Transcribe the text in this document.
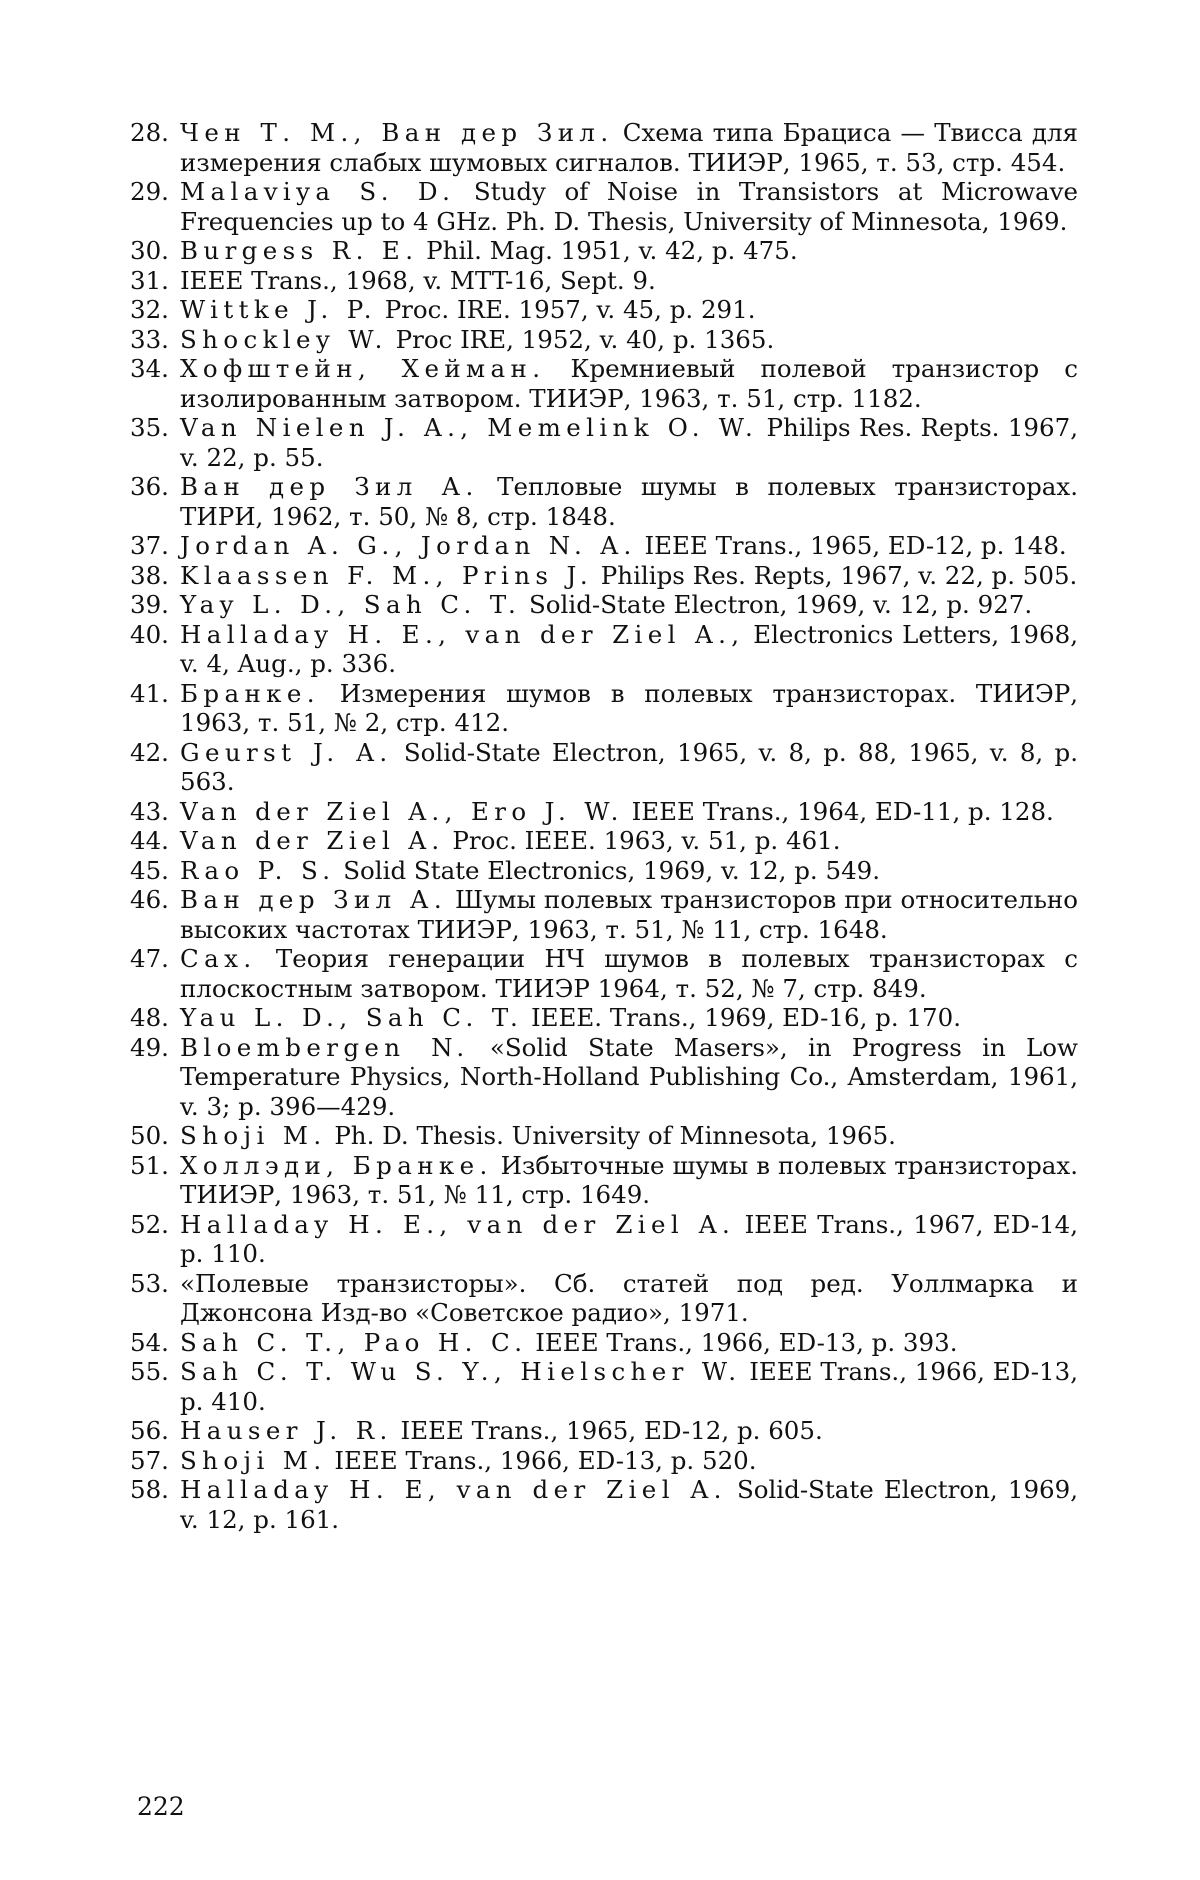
28. Чен Т. М., Ван дер Зил. Схема типа Брациса — Твисса для измерения слабых шумовых сигналов. ТИИЭР, 1965, т. 53, стр. 454.
29. Malaviya S. D. Study of Noise in Transistors at Microwave Frequencies up to 4 GHz. Ph. D. Thesis, University of Minnesota, 1969.
30. Burgess R. E. Phil. Mag. 1951, v. 42, p. 475.
31. IEEE Trans., 1968, v. MTT-16, Sept. 9.
32. Wittke J. P. Proc. IRE. 1957, v. 45, p. 291.
33. Shockley W. Proc IRE, 1952, v. 40, p. 1365.
34. Хофштейн, Хейман. Кремниевый полевой транзистор с изолированным затвором. ТИИЭР, 1963, т. 51, стр. 1182.
35. Van Nielen J. A., Memelink O. W. Philips Res. Repts. 1967, v. 22, p. 55.
36. Ван дер Зил А. Тепловые шумы в полевых транзисторах. ТИРИ, 1962, т. 50, № 8, стр. 1848.
37. Jordan A. G., Jordan N. A. IEEE Trans., 1965, ED-12, p. 148.
38. Klaassen F. M., Prins J. Philips Res. Repts, 1967, v. 22, p. 505.
39. Yay L. D., Sah C. T. Solid-State Electron, 1969, v. 12, p. 927.
40. Halladay H. E., van der Ziel A., Electronics Letters, 1968, v. 4, Aug., p. 336.
41. Бранке. Измерения шумов в полевых транзисторах. ТИИЭР, 1963, т. 51, № 2, стр. 412.
42. Geurst J. A. Solid-State Electron, 1965, v. 8, p. 88, 1965, v. 8, p. 563.
43. Van der Ziel A., Ero J. W. IEEE Trans., 1964, ED-11, p. 128.
44. Van der Ziel A. Proc. IEEE. 1963, v. 51, p. 461.
45. Rao P. S. Solid State Electronics, 1969, v. 12, p. 549.
46. Ван дер Зил А. Шумы полевых транзисторов при относительно высоких частотах ТИИЭР, 1963, т. 51, № 11, стр. 1648.
47. Сах. Теория генерации НЧ шумов в полевых транзисторах с плоскостным затвором. ТИИЭР 1964, т. 52, № 7, стр. 849.
48. Yau L. D., Sah C. T. IEEE. Trans., 1969, ED-16, p. 170.
49. Bloembergen N. «Solid State Masers», in Progress in Low Temperature Physics, North-Holland Publishing Co., Amsterdam, 1961, v. 3; p. 396—429.
50. Shoji M. Ph. D. Thesis. University of Minnesota, 1965.
51. Холлэди, Бранке. Избыточные шумы в полевых транзисторах. ТИИЭР, 1963, т. 51, № 11, стр. 1649.
52. Halladay H. E., van der Ziel A. IEEE Trans., 1967, ED-14, p. 110.
53. «Полевые транзисторы». Сб. статей под ред. Уоллмарка и Джонсона Изд-во «Советское радио», 1971.
54. Sah C. T., Pao H. C. IEEE Trans., 1966, ED-13, p. 393.
55. Sah C. T. Wu S. Y., Hielscher W. IEEE Trans., 1966, ED-13, p. 410.
56. Hauser J. R. IEEE Trans., 1965, ED-12, p. 605.
57. Shoji M. IEEE Trans., 1966, ED-13, p. 520.
58. Halladay H. E, van der Ziel A. Solid-State Electron, 1969, v. 12, p. 161.
222
